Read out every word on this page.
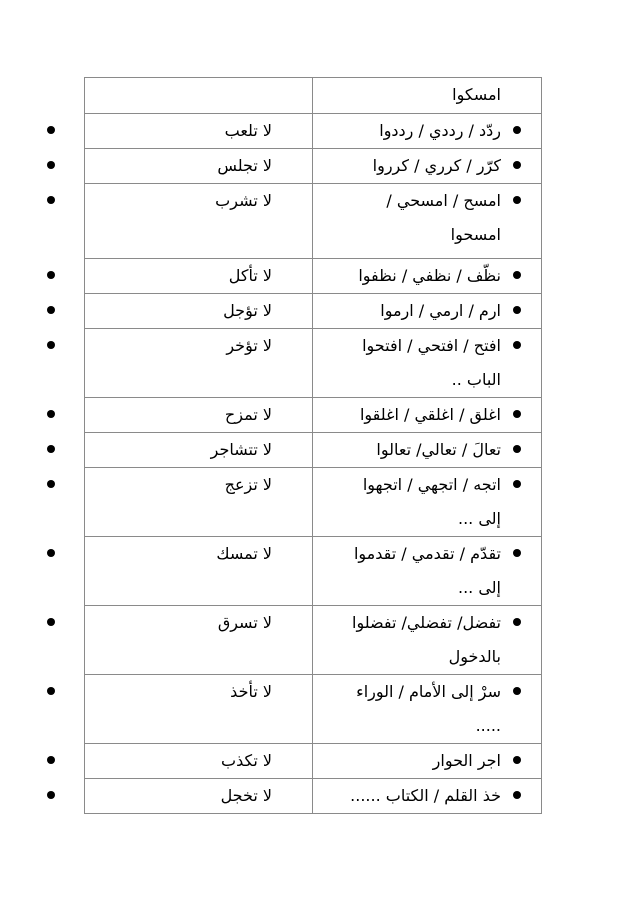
	امسكوا

لا تلعب	ردّد / رددي / رددوا

لا تجلس	كرّر / كرري / كرروا

لا تشرب	امسح / امسحي / امسحوا

لا تأكل	نظّف / نظفي / نظفوا

لا تؤجل	ارم / ارمي / ارموا

لا تؤخر	افتح / افتحي / افتحوا الباب ..

لا تمزح	اغلق / اغلقي / اغلقوا

لا تتشاجر	تعالَ / تعالي/ تعالوا

لا تزعج	اتجه / اتجهي / اتجهوا إلى ...

لا تمسك	تقدّم / تقدمي / تقدموا إلى ...

لا تسرق	تفضل/ تفضلي/ تفضلوا بالدخول

لا تأخذ	سرْ إلى الأمام / الوراء .....

لا تكذب	اجر الحوار

لا تخجل	خذ القلم / الكتاب ......
